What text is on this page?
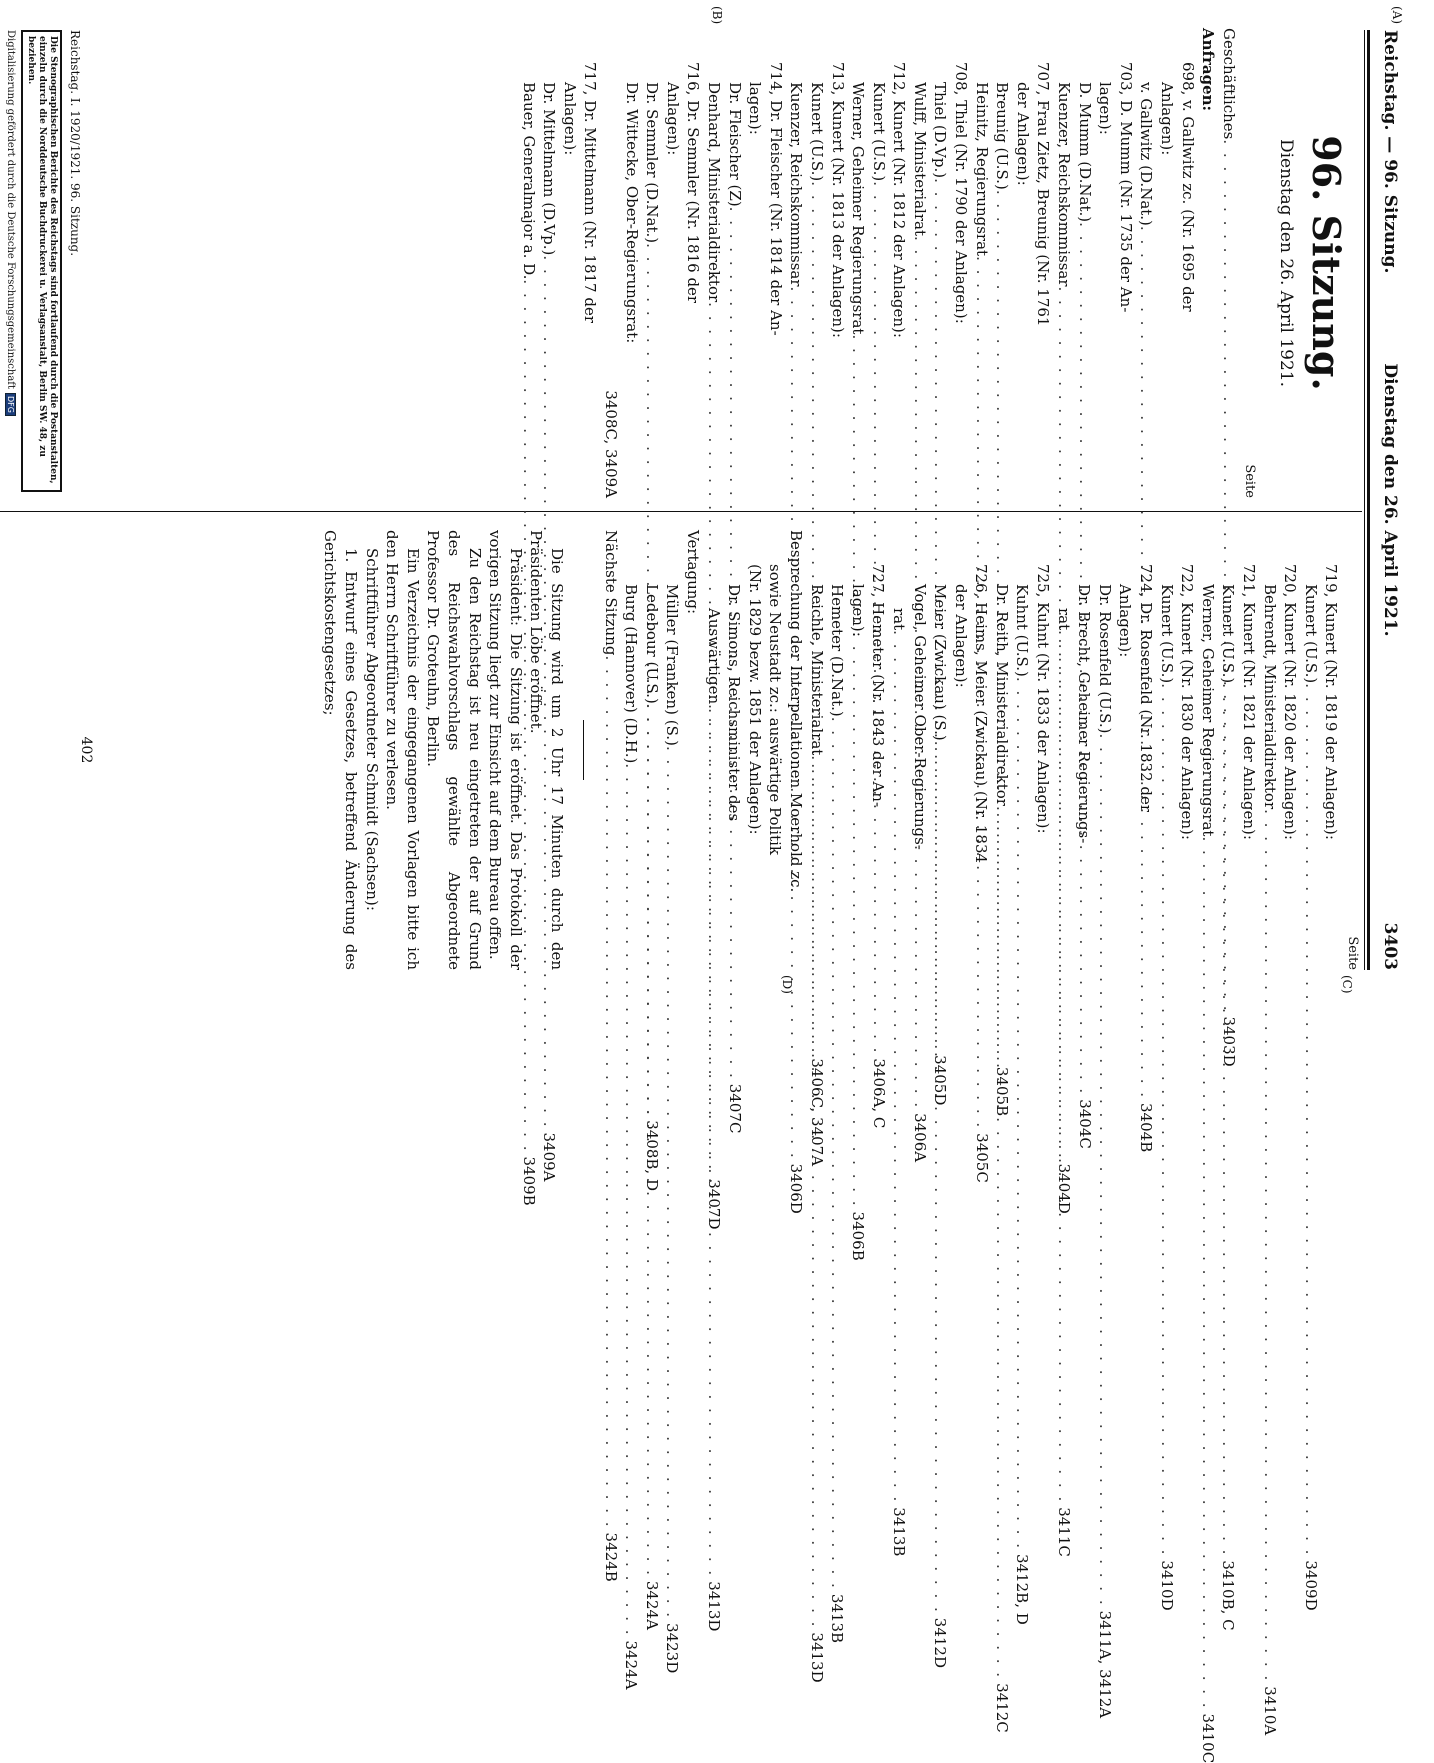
Reichstag. — 96. Sitzung.
Dienstag den 26. April 1921.
3403
(A)
(B)
(C)
(D)
96. Sitzung.
Dienstag den 26. April 1921.
Seite
Geschäftliches
. . .
3403D
Anfragen:
698, v. Gallwitz zc. (Nr. 1695 der
Anlagen):
v. Gallwitz (D.Nat.)
. . .
3404B
703, D. Mumm (Nr. 1735 der An-
lagen):
D. Mumm (D.Nat.)
. . .
3404C
Kuenzer, Reichskommissar
. . .
3404D
707, Frau Zietz, Breunig (Nr. 1761
der Anlagen):
Breunig (U.S.)
. . .
3405B
Heinitz, Regierungsrat
. . .
3405C
708, Thiel (Nr. 1790 der Anlagen):
Thiel (D.Vp.)
. . .
3405D
Wulff, Ministerialrat
. . .
3406A
712, Kunert (Nr. 1812 der Anlagen):
Kunert (U.S.)
. . .
3406A, C
Werner, Geheimer Regierungsrat
. . .
3406B
713, Kunert (Nr. 1813 der Anlagen):
Kunert (U.S.)
. . .
3406C, 3407A
Kuenzer, Reichskommissar
. . .
3406D
714, Dr. Fleischer (Nr. 1814 der An-
lagen):
Dr. Fleischer (Z)
. . .
3407C
Denhard, Ministerialdirektor
. . .
3407D
716, Dr. Semmler (Nr. 1816 der
Anlagen):
Dr. Semmler (D.Nat.)
. . .
3408B, D
Dr. Wittecke, Ober-Regierungsrat:
3408C, 3409A
717, Dr. Mittelmann (Nr. 1817 der
Anlagen):
Dr. Mittelmann (D.Vp.)
. . .
3409A
Bauer, Generalmajor a. D.
. . .
3409B
Seite
719, Kunert (Nr. 1819 der Anlagen):
Kunert (U.S.)
. . .
3409D
720, Kunert (Nr. 1820 der Anlagen):
Behrendt, Ministerialdirektor
. . .
3410A
721, Kunert (Nr. 1821 der Anlagen):
Kunert (U.S.)
. . .
3410B, C
Werner, Geheimer Regierungsrat
. . .
3410C
722, Kunert (Nr. 1830 der Anlagen):
Kunert (U.S.)
. . .
3410D
724, Dr. Rosenfeld (Nr. 1832 der
Anlagen):
Dr. Rosenfeld (U.S.)
. . .
3411A, 3412A
Dr. Brecht, Geheimer Regierungs-
rat
. . .
3411C
725, Kuhnt (Nr. 1833 der Anlagen):
Kuhnt (U.S.)
. . .
3412B, D
Dr. Reith, Ministerialdirektor
. . .
3412C
726, Heims, Meier (Zwickau) (Nr. 1834
der Anlagen):
Meier (Zwickau) (S.)
. . .
3412D
Vogel, Geheimer Ober-Regierungs-
rat
. . .
3413B
727, Hemeter (Nr. 1843 der An-
lagen):
Hemeter (D.Nat.)
. . .
3413B
Reichle, Ministerialrat
. . .
3413D
Besprechung der Interpellationen Moerhold zc.
sowie Neustadt zc.: auswärtige Politik
(Nr. 1829 bezw. 1851 der Anlagen):
Dr. Simons, Reichsminister des
Auswärtigen
. . .
3413D
Vertagung:
Müller (Franken) (S.)
. . .
3423D
Ledebour (U.S.)
. . .
3424A
Burg (Hannover) (D.H.)
. . .
3424A
Nächste Sitzung
. . .
3424B
Die Sitzung wird um 2 Uhr 17 Minuten durch den Präsidenten Löbe eröffnet.
Präsident: Die Sitzung ist eröffnet. Das Protokoll der vorigen Sitzung liegt zur Einsicht auf dem Bureau offen.
Zu den Reichstag ist neu eingetreten der auf Grund des Reichswahlvorschlags gewählte Abgeordnete Professor Dr. Groteuhn, Berlin.
Ein Verzeichnis der eingegangenen Vorlagen bitte ich den Herrn Schriftführer zu verlesen.
Schriftführer Abgeordneter Schmidt (Sachsen):
1. Entwurf eines Gesetzes, betreffend Änderung des Gerichtskostengesetzes;
402
Reichstag. I. 1920/1921. 96. Sitzung.
Die Stenographischen Berichte des Reichstags sind fortlaufend durch die Postanstalten, einzeln durch die Norddeutsche Buchdruckerei u. Verlagsanstalt, Berlin SW. 48, zu beziehen.
Digitalisierung gefördert durch die Deutsche ForschungsgemeinschaftDFG
